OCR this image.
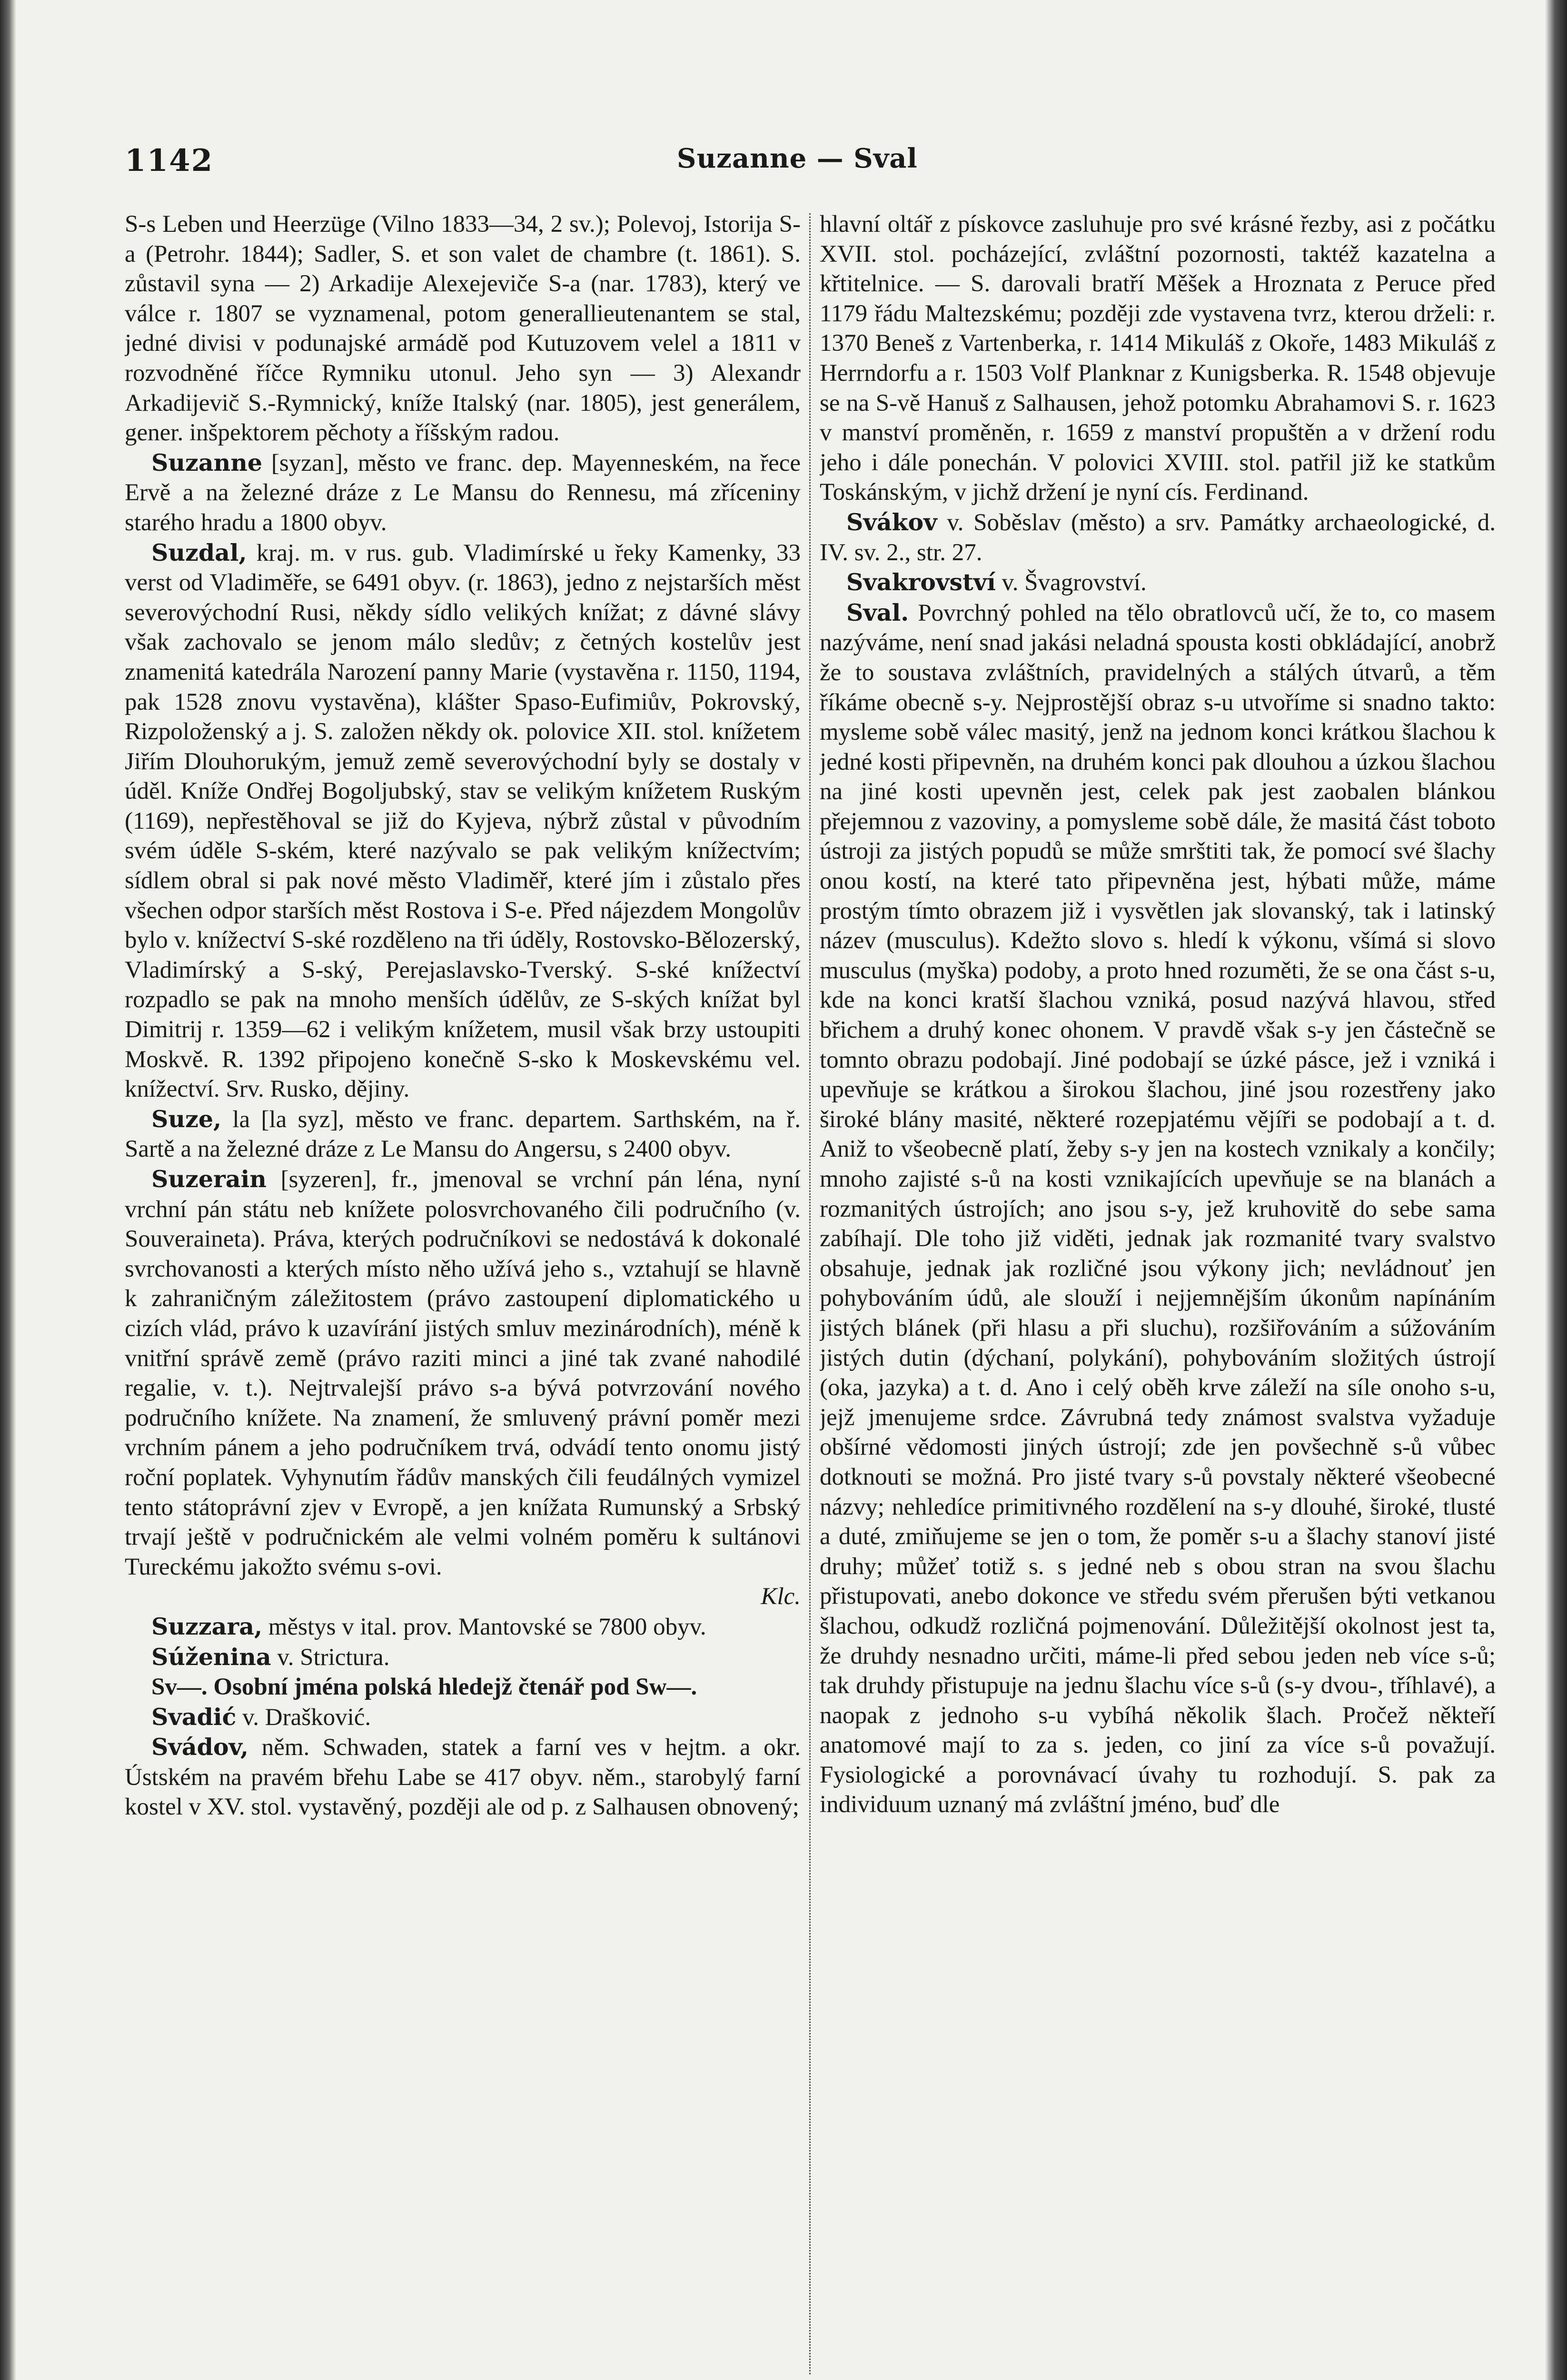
1142	Suzanne — Sval

S-s Leben und Heerzüge (Vilno 1833—34, 2 sv.); Polevoj, Istorija S-a (Petrohr. 1844); Sadler, S. et son valet de chambre (t. 1861). S. zůstavil syna — 2) Arkadije Alexejeviče S-a (nar. 1783), který ve válce r. 1807 se vyznamenal, potom generallieutenantem se stal, jedné divisi v podunajské armádě pod Kutuzovem velel a 1811 v rozvodněné říčce Rymniku utonul. Jeho syn — 3) Alexandr Arkadijevič S.-Rymnický, kníže Italský (nar. 1805), jest generálem, gener. inšpektorem pěchoty a říšským radou.

Suzanne [syzan], město ve franc. dep. Mayenneském, na řece Ervě a na železné dráze z Le Mansu do Rennesu, má zříceniny starého hradu a 1800 obyv.

Suzdal, kraj. m. v rus. gub. Vladimírské u řeky Kamenky, 33 verst od Vladiměře, se 6491 obyv. (r. 1863), jedno z nejstarších měst severovýchodní Rusi, někdy sídlo velikých knížat; z dávné slávy však zachovalo se jenom málo sledův; z četných kostelův jest znamenitá katedrála Narození panny Marie (vystavěna r. 1150, 1194, pak 1528 znovu vystavěna), klášter Spaso-Eufimiův, Pokrovský, Rizpoloženský a j. S. založen někdy ok. polovice XII. stol. knížetem Jiřím Dlouhorukým, jemuž země severovýchodní byly se dostaly v úděl. Kníže Ondřej Bogoljubský, stav se velikým knížetem Ruským (1169), nepřestěhoval se již do Kyjeva, nýbrž zůstal v původním svém údělе S-ském, které nazývalo se pak velikým knížectvím; sídlem obral si pak nové město Vladiměř, které jím i zůstalo přes všechen odpor starších měst Rostova i S-e. Před nájezdem Mongolův bylo v. knížectví S-ské rozděleno na tři úděly, Rostovsko-Bělozerský, Vladimírský a S-ský, Perejaslavsko-Tverský. S-ské knížectví rozpadlo se pak na mnoho menších údělův, ze S-ských knížat byl Dimitrij r. 1359—62 i velikým knížetem, musil však brzy ustoupiti Moskvě. R. 1392 připojeno konečně S-sko k Moskevskému vel. knížectví. Srv. Rusko, dějiny.

Suze, la [la syz], město ve franc. departem. Sarthském, na ř. Sartě a na železné dráze z Le Mansu do Angersu, s 2400 obyv.

Suzerain [syzeren], fr., jmenoval se vrchní pán léna, nyní vrchní pán státu neb knížete polosvrchovaného čili područního (v. Souveraineta). Práva, kterých područníkovi se nedostává k dokonalé svrchovanosti a kterých místo něho užívá jeho s., vztahují se hlavně k zahraničným záležitostem (právo zastoupení diplomatického u cizích vlád, právo k uzavírání jistých smluv mezinárodních), méně k vnitřní správě země (právo raziti minci a jiné tak zvané nahodilé regalie, v. t.). Nejtrvalejší právo s-a bývá potvrzování nového područního knížete. Na znamení, že smluvený právní poměr mezi vrchním pánem a jeho područníkem trvá, odvádí tento onomu jistý roční poplatek. Vyhynutím řádův manských čili feudálných vymizel tento státoprávní zjev v Evropě, a jen knížata Rumunský a Srbský trvají ještě v područnickém ale velmi volném poměru k sultánovi Tureckému jakožto svému s-ovi.

Klc.

Suzzara, městys v ital. prov. Mantovské se 7800 obyv.

Súženina v. Strictura.

Sv—. Osobní jména polská hledejž čtenář pod Sw—.

Svadić v. Drašković.

Svádov, něm. Schwaden, statek a farní ves v hejtm. a okr. Ústském na pravém břehu Labe se 417 obyv. něm., starobylý farní kostel v XV. stol. vystavěný, později ale od p. z Salhausen obnovený;

hlavní oltář z pískovce zasluhuje pro své krásné řezby, asi z počátku XVII. stol. pocházející, zvláštní pozornosti, taktéž kazatelna a křtitelnice. — S. darovali bratří Měšek a Hroznata z Peruce před 1179 řádu Maltezskému; později zde vystavena tvrz, kterou drželi: r. 1370 Beneš z Vartenberka, r. 1414 Mikuláš z Okoře, 1483 Mikuláš z Herrndorfu a r. 1503 Volf Planknar z Kunigsberka. R. 1548 objevuje se na S-vě Hanuš z Salhausen, jehož potomku Abrahamovi S. r. 1623 v manství proměněn, r. 1659 z manství propuštěn a v držení rodu jeho i dále ponechán. V polovici XVIII. stol. patřil již ke statkům Toskánským, v jichž držení je nyní cís. Ferdinand.

Svákov v. Soběslav (město) a srv. Památky archaeologické, d. IV. sv. 2., str. 27.

Svakrovství v. Švagrovství.

Sval. Povrchný pohled na tělo obratlovců učí, že to, co masem nazýváme, není snad jakási neladná spousta kosti obkládající, anobrž že to soustava zvláštních, pravidelných a stálých útvarů, a těm říkáme obecně s-y. Nejprostější obraz s-u utvoříme si snadno takto: mysleme sobě válec masitý, jenž na jednom konci krátkou šlachou k jedné kosti připevněn, na druhém konci pak dlouhou a úzkou šlachou na jiné kosti upevněn jest, celek pak jest zaobalen blánkou přejemnou z vazoviny, a pomysleme sobě dále, že masitá část toboto ústroji za jistých popudů se může smrštiti tak, že pomocí své šlachy onou kostí, na které tato připevněna jest, hýbati může, máme prostým tímto obrazem již i vysvětlen jak slovanský, tak i latinský název (musculus). Kdežto slovo s. hledí k výkonu, všímá si slovo musculus (myška) podoby, a proto hned rozuměti, že se ona část s-u, kde na konci kratší šlachou vzniká, posud nazývá hlavou, střed břichem a druhý konec ohonem. V pravdě však s-y jen částečně se tomnto obrazu podobají. Jiné podobají se úzké pásce, jež i vzniká i upevňuje se krátkou a širokou šlachou, jiné jsou rozestřeny jako široké blány masité, některé rozepjatému vějíři se podobají a t. d. Aniž to všeobecně platí, žeby s-y jen na kostech vznikaly a končily; mnoho zajisté s-ů na kosti vznikajících upevňuje se na blanách a rozmanitých ústrojích; ano jsou s-y, jež kruhovitě do sebe sama zabíhají. Dle toho již viděti, jednak jak rozmanité tvary svalstvo obsahuje, jednak jak rozličné jsou výkony jich; nevládnouť jen pohybováním údů, ale slouží i nejjemnějším úkonům napínáním jistých blánek (při hlasu a při sluchu), rozšiřováním a súžováním jistých dutin (dýchaní, polykání), pohybováním složitých ústrojí (oka, jazyka) a t. d. Ano i celý oběh krve záleží na síle onoho s-u, jejž jmenujeme srdce. Závrubná tedy známost svalstva vyžaduje obšírné vědomosti jiných ústrojí; zde jen povšechně s-ů vůbec dotknouti se možná. Pro jisté tvary s-ů povstaly některé všeobecné názvy; nehledíce primitivného rozdělení na s-y dlouhé, široké, tlusté a duté, zmiňujeme se jen o tom, že poměr s-u a šlachy stanoví jisté druhy; můžeť totiž s. s jedné neb s obou stran na svou šlachu přistupovati, anebo dokonce ve středu svém přerušen býti vetkanou šlachou, odkudž rozličná pojmenování. Důležitější okolnost jest ta, že druhdy nesnadno určiti, máme-li před sebou jeden neb více s-ů; tak druhdy přistupuje na jednu šlachu více s-ů (s-y dvou-, tříhlavé), a naopak z jednoho s-u vybíhá několik šlach. Pročež někteří anatomové mají to za s. jeden, co jiní za více s-ů považují. Fysiologické a porovnávací úvahy tu rozhodují. S. pak za individuum uznaný má zvláštní jméno, buď dle
